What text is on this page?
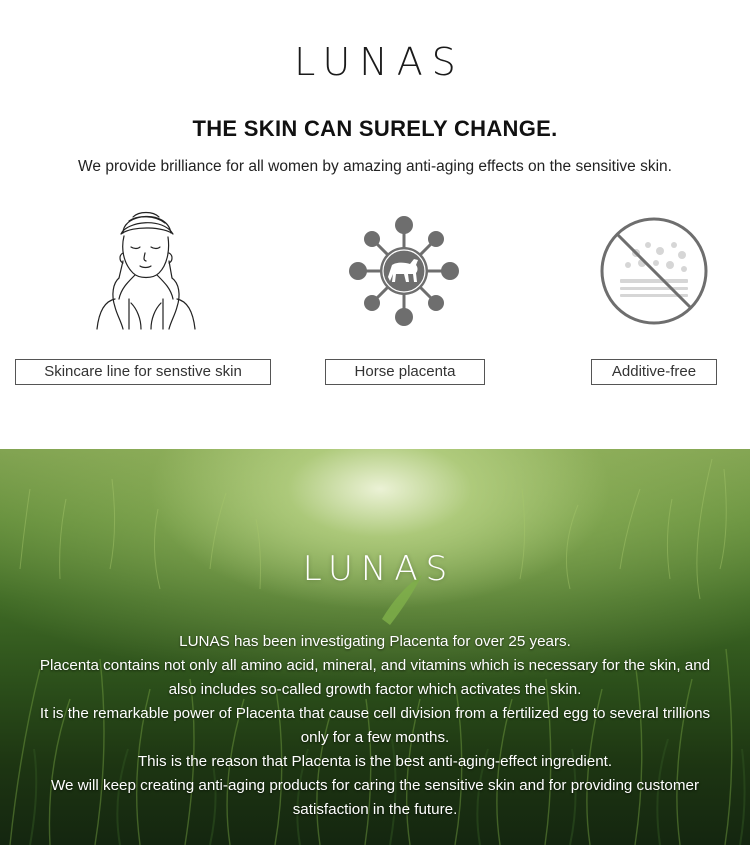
LUNAS
THE SKIN CAN SURELY CHANGE.

We provide brilliance for all women by amazing anti-aging effects on the sensitive skin.

Skincare line for senstive skin	Horse placenta	Additive-free
LUNAS
LUNAS has been investigating Placenta for over 25 years.
Placenta contains not only all amino acid, mineral, and vitamins which is necessary for the skin, and
also includes so-called growth factor which activates the skin.
It is the remarkable power of Placenta that cause cell division from a fertilized egg to several trillions
only for a few months.
This is the reason that Placenta is the best anti-aging-effect ingredient.
We will keep creating anti-aging products for caring the sensitive skin and for providing customer
satisfaction in the future.
